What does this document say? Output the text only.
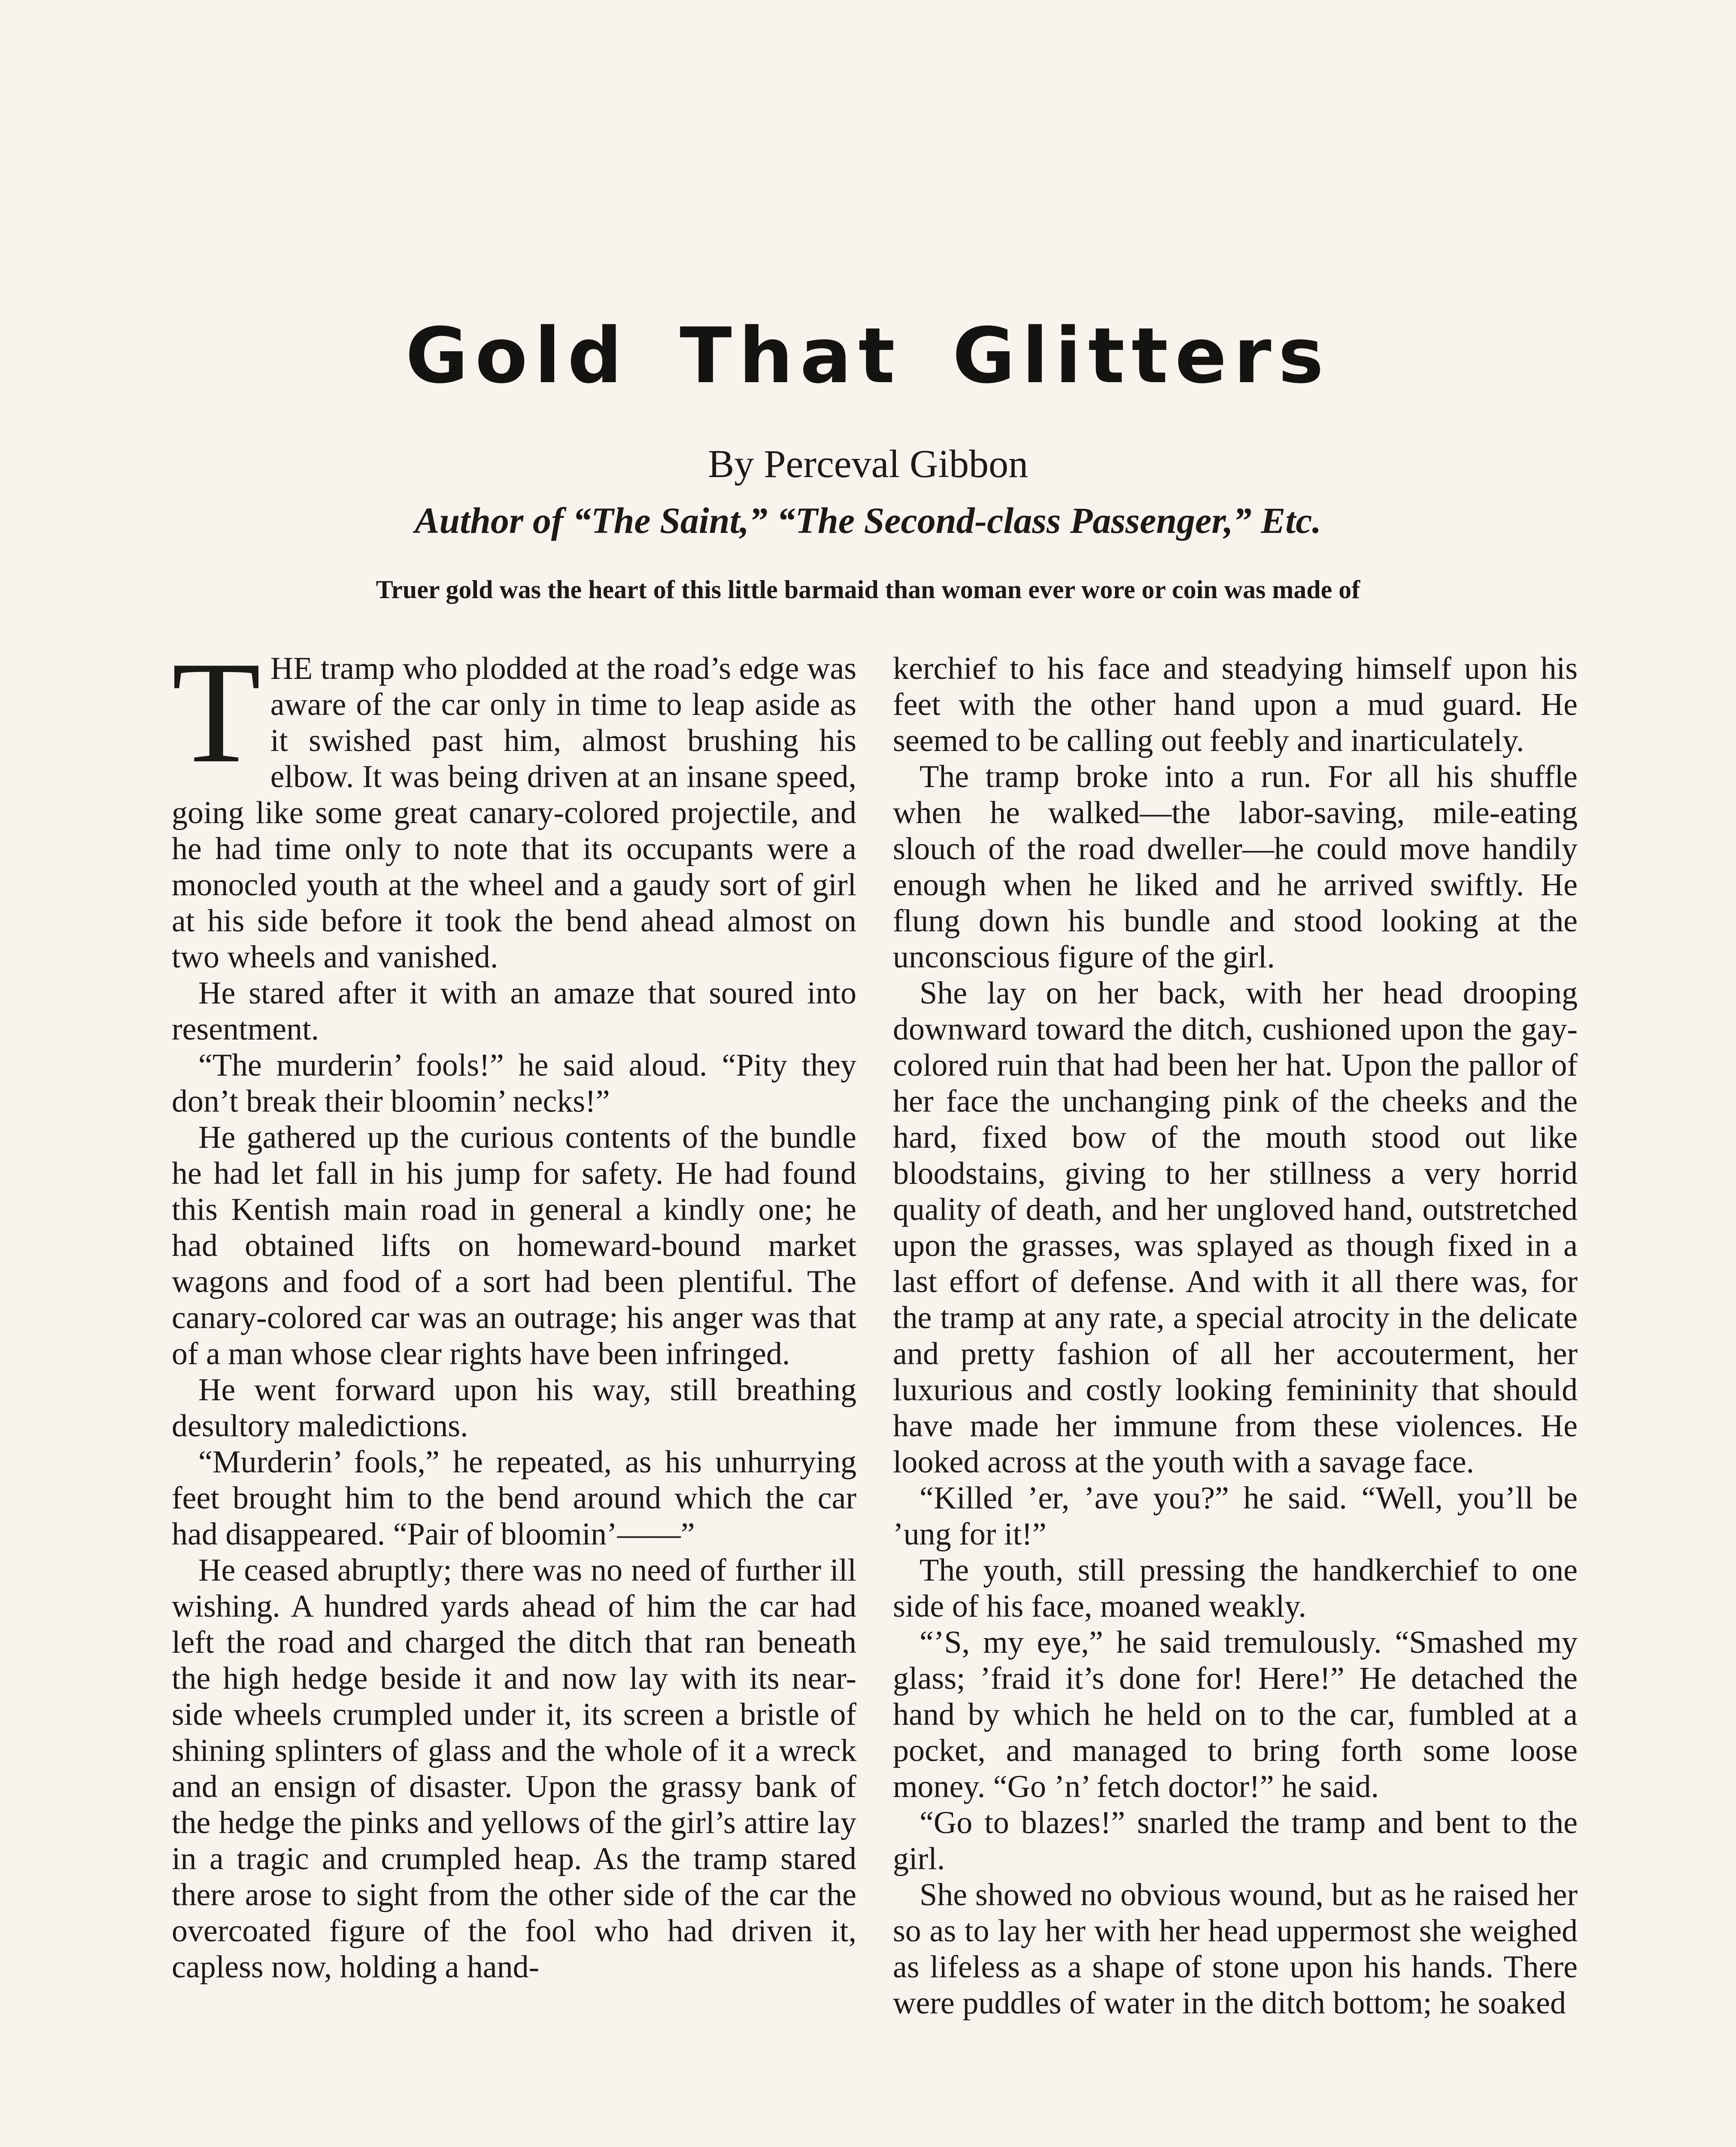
Gold That Glitters

By Perceval Gibbon

Author of “The Saint,” “The Second-class Passenger,” Etc.

Truer gold was the heart of this little barmaid than woman ever wore or coin was made of

THE tramp who plodded at the road’s edge was aware of the car only in time to leap aside as it swished past him, almost brushing his elbow. It was being driven at an insane speed, going like some great canary-colored projectile, and he had time only to note that its occupants were a monocled youth at the wheel and a gaudy sort of girl at his side before it took the bend ahead almost on two wheels and vanished.

He stared after it with an amaze that soured into resentment.

“The murderin’ fools!” he said aloud. “Pity they don’t break their bloomin’ necks!”

He gathered up the curious contents of the bundle he had let fall in his jump for safety. He had found this Kentish main road in general a kindly one; he had obtained lifts on homeward-bound market wagons and food of a sort had been plentiful. The canary-colored car was an outrage; his anger was that of a man whose clear rights have been infringed.

He went forward upon his way, still breathing desultory maledictions.

“Murderin’ fools,” he repeated, as his unhurrying feet brought him to the bend around which the car had disappeared. “Pair of bloomin’——”

He ceased abruptly; there was no need of further ill wishing. A hundred yards ahead of him the car had left the road and charged the ditch that ran beneath the high hedge beside it and now lay with its near-side wheels crumpled under it, its screen a bristle of shining splinters of glass and the whole of it a wreck and an ensign of disaster. Upon the grassy bank of the hedge the pinks and yellows of the girl’s attire lay in a tragic and crumpled heap. As the tramp stared there arose to sight from the other side of the car the overcoated figure of the fool who had driven it, capless now, holding a hand-

kerchief to his face and steadying himself upon his feet with the other hand upon a mud guard. He seemed to be calling out feebly and inarticulately.

The tramp broke into a run. For all his shuffle when he walked—the labor-saving, mile-eating slouch of the road dweller—he could move handily enough when he liked and he arrived swiftly. He flung down his bundle and stood looking at the unconscious figure of the girl.

She lay on her back, with her head drooping downward toward the ditch, cushioned upon the gay-colored ruin that had been her hat. Upon the pallor of her face the unchanging pink of the cheeks and the hard, fixed bow of the mouth stood out like bloodstains, giving to her stillness a very horrid quality of death, and her ungloved hand, outstretched upon the grasses, was splayed as though fixed in a last effort of defense. And with it all there was, for the tramp at any rate, a special atrocity in the delicate and pretty fashion of all her accouterment, her luxurious and costly looking femininity that should have made her immune from these violences. He looked across at the youth with a savage face.

“Killed ’er, ’ave you?” he said. “Well, you’ll be ’ung for it!”

The youth, still pressing the handkerchief to one side of his face, moaned weakly.

“’S, my eye,” he said tremulously. “Smashed my glass; ’fraid it’s done for! Here!” He detached the hand by which he held on to the car, fumbled at a pocket, and managed to bring forth some loose money. “Go ’n’ fetch doctor!” he said.

“Go to blazes!” snarled the tramp and bent to the girl.

She showed no obvious wound, but as he raised her so as to lay her with her head uppermost she weighed as lifeless as a shape of stone upon his hands. There were puddles of water in the ditch bottom; he soaked
